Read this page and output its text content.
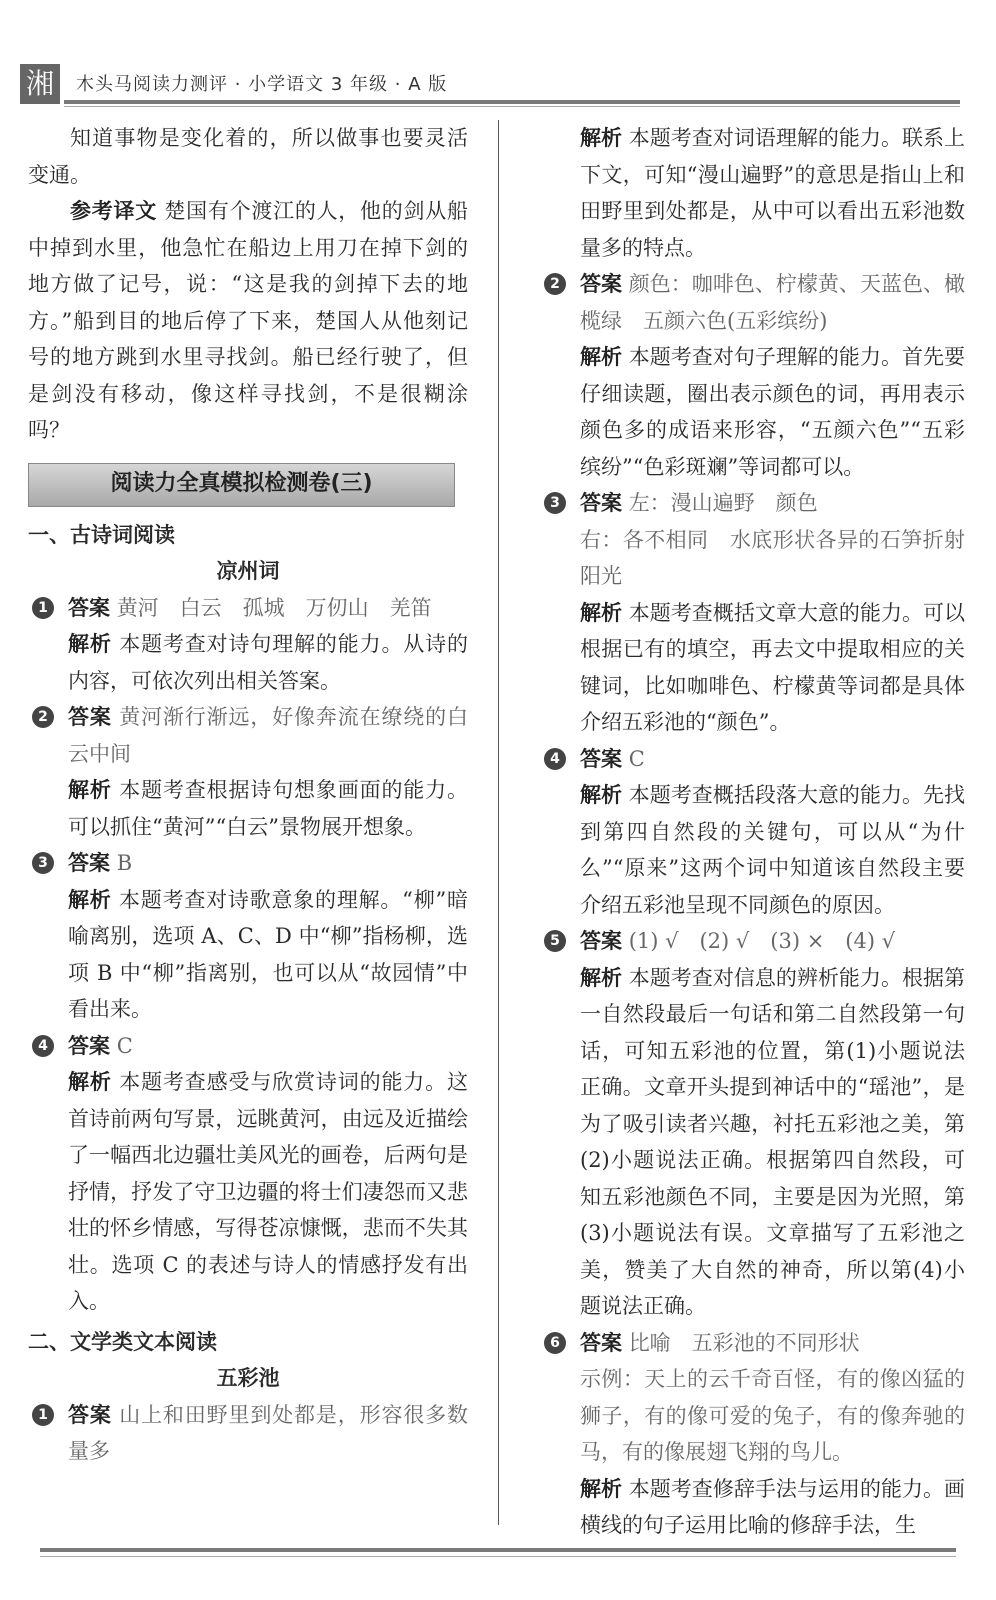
湘	木头马阅读力测评 · 小学语文 3 年级 · A 版

知道事物是变化着的，所以做事也要灵活变通。

参考译文 楚国有个渡江的人，他的剑从船中掉到水里，他急忙在船边上用刀在掉下剑的地方做了记号，说：“这是我的剑掉下去的地方。”船到目的地后停了下来，楚国人从他刻记号的地方跳到水里寻找剑。船已经行驶了，但是剑没有移动，像这样寻找剑，不是很糊涂吗？

阅读力全真模拟检测卷(三)
一、古诗词阅读
凉州词
1 答案 黄河　白云　孤城　万仞山　羌笛

解析 本题考查对诗句理解的能力。从诗的内容，可依次列出相关答案。

2 答案 黄河渐行渐远，好像奔流在缭绕的白云中间

解析 本题考查根据诗句想象画面的能力。可以抓住“黄河”“白云”景物展开想象。

3 答案 B

解析 本题考查对诗歌意象的理解。“柳”暗喻离别，选项 A、C、D 中“柳”指杨柳，选项 B 中“柳”指离别，也可以从“故园情”中看出来。

4 答案 C

解析 本题考查感受与欣赏诗词的能力。这首诗前两句写景，远眺黄河，由远及近描绘了一幅西北边疆壮美风光的画卷，后两句是抒情，抒发了守卫边疆的将士们凄怨而又悲壮的怀乡情感，写得苍凉慷慨，悲而不失其壮。选项 C 的表述与诗人的情感抒发有出入。

二、文学类文本阅读
五彩池
1 答案 山上和田野里到处都是，形容很多数量多

解析 本题考查对词语理解的能力。联系上下文，可知“漫山遍野”的意思是指山上和田野里到处都是，从中可以看出五彩池数量多的特点。

2 答案 颜色：咖啡色、柠檬黄、天蓝色、橄榄绿　五颜六色(五彩缤纷)

解析 本题考查对句子理解的能力。首先要仔细读题，圈出表示颜色的词，再用表示颜色多的成语来形容，“五颜六色”“五彩缤纷”“色彩斑斓”等词都可以。

3 答案 左：漫山遍野　颜色

右：各不相同　水底形状各异的石笋折射阳光

解析 本题考查概括文章大意的能力。可以根据已有的填空，再去文中提取相应的关键词，比如咖啡色、柠檬黄等词都是具体介绍五彩池的“颜色”。

4 答案 C

解析 本题考查概括段落大意的能力。先找到第四自然段的关键句，可以从“为什么”“原来”这两个词中知道该自然段主要介绍五彩池呈现不同颜色的原因。

5 答案 (1) √　(2) √　(3) ×　(4) √

解析 本题考查对信息的辨析能力。根据第一自然段最后一句话和第二自然段第一句话，可知五彩池的位置，第(1)小题说法正确。文章开头提到神话中的“瑶池”，是为了吸引读者兴趣，衬托五彩池之美，第(2)小题说法正确。根据第四自然段，可知五彩池颜色不同，主要是因为光照，第(3)小题说法有误。文章描写了五彩池之美，赞美了大自然的神奇，所以第(4)小题说法正确。

6 答案 比喻　五彩池的不同形状

示例：天上的云千奇百怪，有的像凶猛的狮子，有的像可爱的兔子，有的像奔驰的马，有的像展翅飞翔的鸟儿。

解析 本题考查修辞手法与运用的能力。画横线的句子运用比喻的修辞手法，生
